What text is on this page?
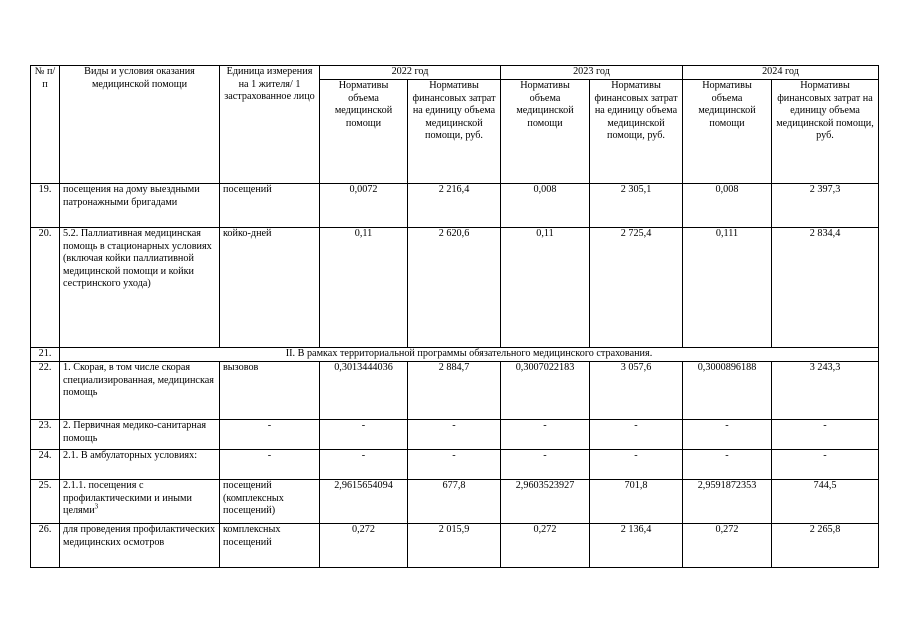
№ п/п	Виды и условия оказания медицинской помощи	Единица измерения на 1 жителя/ 1 застрахованное лицо	2022 год		2023 год		2024 год	
			Нормативы объема медицинской помощи	Нормативы финансовых затрат на единицу объема медицинской помощи, руб.	Нормативы объема медицинской помощи	Нормативы финансовых затрат на единицу объема медицинской помощи, руб.	Нормативы объема медицинской помощи	Нормативы финансовых затрат на единицу объема медицинской помощи, руб.
19.	посещения на дому выездными патронажными бригадами	посещений	0,0072	2 216,4	0,008	2 305,1	0,008	2 397,3
20.	5.2. Паллиативная медицинская помощь в стационарных условиях (включая койки паллиативной медицинской помощи и койки сестринского ухода)	койко-дней	0,11	2 620,6	0,11	2 725,4	0,111	2 834,4
21.	II. В рамках территориальной программы обязательного медицинского страхования.							
22.	1. Скорая, в том числе скорая специализированная, медицинская помощь	вызовов	0,3013444036	2 884,7	0,3007022183	3 057,6	0,3000896188	3 243,3
23.	2. Первичная медико-санитарная помощь	-	-	-	-	-	-	-
24.	2.1. В амбулаторных условиях:	-	-	-	-	-	-	-
25.	2.1.1. посещения с профилактическими и иными целями$^3$	посещений (комплексных посещений)	2,9615654094	677,8	2,9603523927	701,8	2,9591872353	744,5
26.	для проведения профилактических медицинских осмотров	комплексных посещений	0,272	2 015,9	0,272	2 136,4	0,272	2 265,8
